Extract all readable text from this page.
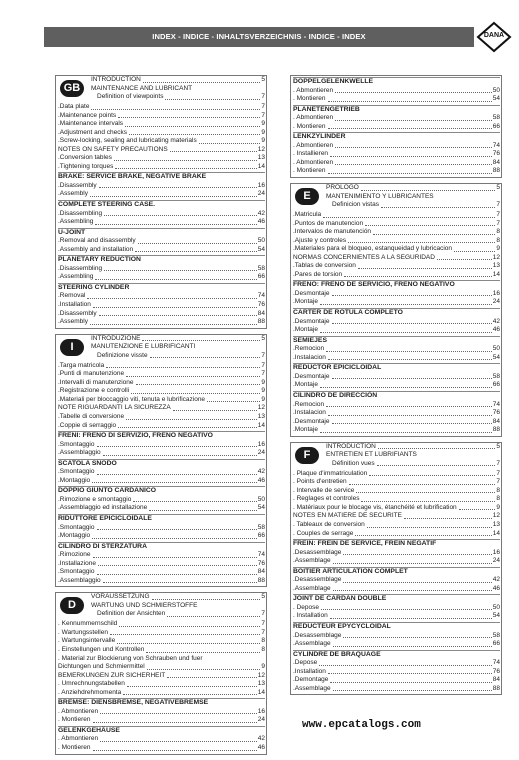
INDEX - INDICE - INHALTSVERZEICHNIS - INDICE - INDEX	DANA
GB
INTRODUCTION	5
MAINTENANCE AND LUBRICANT
Definition of viewpoints	7
.Data plate	7
.Maintenance points	7
.Maintenance intervals	9
.Adjustment and checks	9
.Screw-locking, sealing and lubricating materials	9
NOTES ON SAFETY PRECAUTIONS	12
.Conversion tables	13
.Tightening torques	14
BRAKE: SERVICE BRAKE, NEGATIVE BRAKE
.Disassembly	16
.Assembly	24
COMPLETE STEERING CASE.
.Disassembling	42
.Assembling	46
U-JOINT
.Removal and disassembly	50
.Assembly and installation	54
PLANETARY REDUCTION
.Disassembling	58
.Assembling	66
STEERING CYLINDER
.Removal	74
.Installation	76
.Disassembly	84
.Assembly	88
I
INTRODUZIONE	5
MANUTENZIONE E LUBRIFICANTI
Definizione visste	7
.Targa matricola	7
.Punti di manutenzione	7
.Intervalli di manutenzione	9
.Registrazione e controlli	9
.Materiali per bloccaggio viti, tenuta e lubrificazione	9
NOTE RIGUARDANTI LA SICUREZZA	12
.Tabelle di conversione	13
.Coppie di serraggio	14
FRENI: FRENO DI SERVIZIO, FRENO NEGATIVO
.Smontaggio	16
.Assemblaggio	24
SCATOLA SNODO
.Smontaggio	42
.Montaggio	46
DOPPIO GIUNTO CARDANICO
.Rimozione e smontaggio	50
.Assemblaggio ed installazione	54
RIDUTTORE EPICICLOIDALE
.Smontaggio	58
.Montaggio	66
CILINDRO DI STERZATURA
.Rimozione	74
.Installazione	76
.Smontaggio	84
.Assemblaggio	88
D
VORAUSSETZUNG	5
WARTUNG UND SCHMIERSTOFFE
Definition der Ansichten	7
. Kennummernschild	7
. Wartungsstellen	7
. Wartungsintervalle	8
. Einstellungen und Kontrollen	8
. Material zur Blockierung von Schrauben und fuer
Dichtungen und Schmiermittel	9
BEMERKUNGEN ZUR SICHERHEIT	12
. Umrechnungstabellen	13
. Anziehdrehmomenta	14
BREMSE: DIENSBREMSE, NEGATIVEBREMSE
. Abmontieren	16
. Montieren	24
GELENKGEHÄUSE
. Abmontieren	42
. Montieren	46
DOPPELGELENKWELLE
. Abmontieren	50
. Montieren	54
PLANETENGETRIEB
. Abmontieren	58
. Montieren	66
LENKZYLINDER
. Abmontieren	74
. Installieren	76
. Abmontieren	84
. Montieren	88
E
PROLOGO	5
MANTENIMIENTO Y LUBRICANTES
Definicion vistas	7
.Matricula	7
.Puntos de manutencion	7
.Intervalos de manutención	8
.Ajuste y controles	8
.Materiales para el bloqueo, estanqueidad y lubricacion	9
NORMAS CONCERNIENTES A LA SEGURIDAD	12
.Tablas de conversion	13
.Pares de torsion	14
FRENO: FRENO DE SERVICIO, FRENO NEGATIVO
.Desmontaje	16
.Montaje	24
CARTER DE ROTULA COMPLETO
.Desmontaje	42
.Montaje	46
SEMIEJES
.Remocion	50
.Instalacion	54
REDUCTOR EPICICLOIDAL
.Desmontaje	58
.Montaje	66
CILINDRO DE DIRECCIÓN
.Remocion	74
.Instalacion	76
.Desmontaje	84
.Montaje	88
F
INTRODUCTION	5
ENTRETIEN ET LUBRIFIANTS
Définition vues	7
. Plaque d'immatriculation	7
. Points d'entretien	7
. Intervalle de service	8
. Reglages et controles	8
. Matériaux pour le blocage vis, étanchéité et lubrification	9
NOTES EN MATIERE DE SECURITE	12
. Tableaux de conversion	13
. Couples de serrage	14
FREIN: FREIN DE SERVICE, FREIN NEGATIF
.Desassemblage	16
.Assemblage	24
BOITIER ARTICULATION COMPLET
.Desassemblage	42
.Assemblage	46
JOINT DE CARDAN DOUBLE
. Depose	50
. Installation	54
REDUCTEUR EPYCYCLOIDAL
.Desassemblage	58
.Assemblage	66
CYLINDRE DE BRAQUAGE
.Depose	74
.Installation	76
.Demontage	84
.Assemblage	88
www.epcatalogs.com
